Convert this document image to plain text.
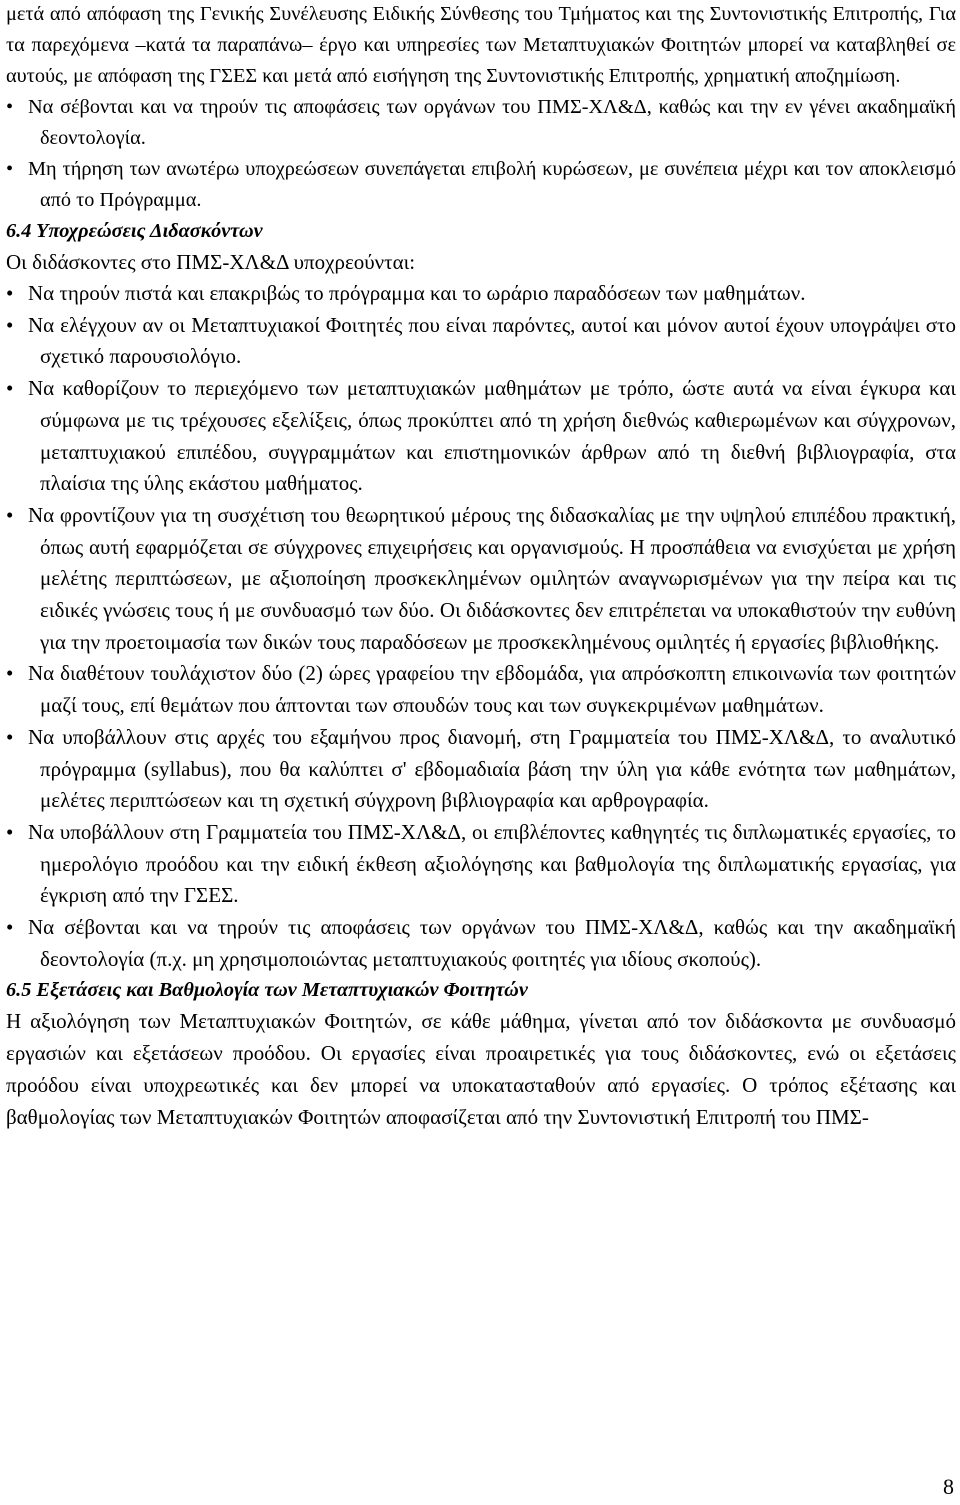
μετά από απόφαση της Γενικής Συνέλευσης Ειδικής Σύνθεσης του Τμήματος και της Συντονιστικής Επιτροπής, Για τα παρεχόμενα –κατά τα παραπάνω– έργο και υπηρεσίες των Μεταπτυχιακών Φοιτητών μπορεί να καταβληθεί σε αυτούς, με απόφαση της ΓΣΕΣ και μετά από εισήγηση της Συντονιστικής Επιτροπής, χρηματική αποζημίωση.

• Να σέβονται και να τηρούν τις αποφάσεις των οργάνων του ΠΜΣ-ΧΛ&Δ, καθώς και την εν γένει ακαδημαϊκή δεοντολογία.

• Μη τήρηση των ανωτέρω υποχρεώσεων συνεπάγεται επιβολή κυρώσεων, με συνέπεια μέχρι και τον αποκλεισμό από το Πρόγραμμα.

6.4 Υποχρεώσεις Διδασκόντων

Οι διδάσκοντες στο ΠΜΣ-ΧΛ&Δ υποχρεούνται:

• Να τηρούν πιστά και επακριβώς το πρόγραμμα και το ωράριο παραδόσεων των μαθημάτων.

• Να ελέγχουν αν οι Μεταπτυχιακοί Φοιτητές που είναι παρόντες, αυτοί και μόνον αυτοί έχουν υπογράψει στο σχετικό παρουσιολόγιο.

• Να καθορίζουν το περιεχόμενο των μεταπτυχιακών μαθημάτων με τρόπο, ώστε αυτά να είναι έγκυρα και σύμφωνα με τις τρέχουσες εξελίξεις, όπως προκύπτει από τη χρήση διεθνώς καθιερωμένων και σύγχρονων, μεταπτυχιακού επιπέδου, συγγραμμάτων και επιστημονικών άρθρων από τη διεθνή βιβλιογραφία, στα πλαίσια της ύλης εκάστου μαθήματος.

• Να φροντίζουν για τη συσχέτιση του θεωρητικού μέρους της διδασκαλίας με την υψηλού επιπέδου πρακτική, όπως αυτή εφαρμόζεται σε σύγχρονες επιχειρήσεις και οργανισμούς. Η προσπάθεια να ενισχύεται με χρήση μελέτης περιπτώσεων, με αξιοποίηση προσκεκλημένων ομιλητών αναγνωρισμένων για την πείρα και τις ειδικές γνώσεις τους ή με συνδυασμό των δύο. Οι διδάσκοντες δεν επιτρέπεται να υποκαθιστούν την ευθύνη για την προετοιμασία των δικών τους παραδόσεων με προσκεκλημένους ομιλητές ή εργασίες βιβλιοθήκης.

• Να διαθέτουν τουλάχιστον δύο (2) ώρες γραφείου την εβδομάδα, για απρόσκοπτη επικοινωνία των φοιτητών μαζί τους, επί θεμάτων που άπτονται των σπουδών τους και των συγκεκριμένων μαθημάτων.

• Να υποβάλλουν στις αρχές του εξαμήνου προς διανομή, στη Γραμματεία του ΠΜΣ-ΧΛ&Δ, το αναλυτικό πρόγραμμα (syllabus), που θα καλύπτει σ' εβδομαδιαία βάση την ύλη για κάθε ενότητα των μαθημάτων, μελέτες περιπτώσεων και τη σχετική σύγχρονη βιβλιογραφία και αρθρογραφία.

• Να υποβάλλουν στη Γραμματεία του ΠΜΣ-ΧΛ&Δ, οι επιβλέποντες καθηγητές τις διπλωματικές εργασίες, το ημερολόγιο προόδου και την ειδική έκθεση αξιολόγησης και βαθμολογία της διπλωματικής εργασίας, για έγκριση από την ΓΣΕΣ.

• Να σέβονται και να τηρούν τις αποφάσεις των οργάνων του ΠΜΣ-ΧΛ&Δ, καθώς και την ακαδημαϊκή δεοντολογία (π.χ. μη χρησιμοποιώντας μεταπτυχιακούς φοιτητές για ιδίους σκοπούς).

6.5 Εξετάσεις και Βαθμολογία των Μεταπτυχιακών Φοιτητών

Η αξιολόγηση των Μεταπτυχιακών Φοιτητών, σε κάθε μάθημα, γίνεται από τον διδάσκοντα με συνδυασμό εργασιών και εξετάσεων προόδου. Οι εργασίες είναι προαιρετικές για τους διδάσκοντες, ενώ οι εξετάσεις προόδου είναι υποχρεωτικές και δεν μπορεί να υποκατασταθούν από εργασίες. Ο τρόπος εξέτασης και βαθμολογίας των Μεταπτυχιακών Φοιτητών αποφασίζεται από την Συντονιστική Επιτροπή του ΠΜΣ-

8
